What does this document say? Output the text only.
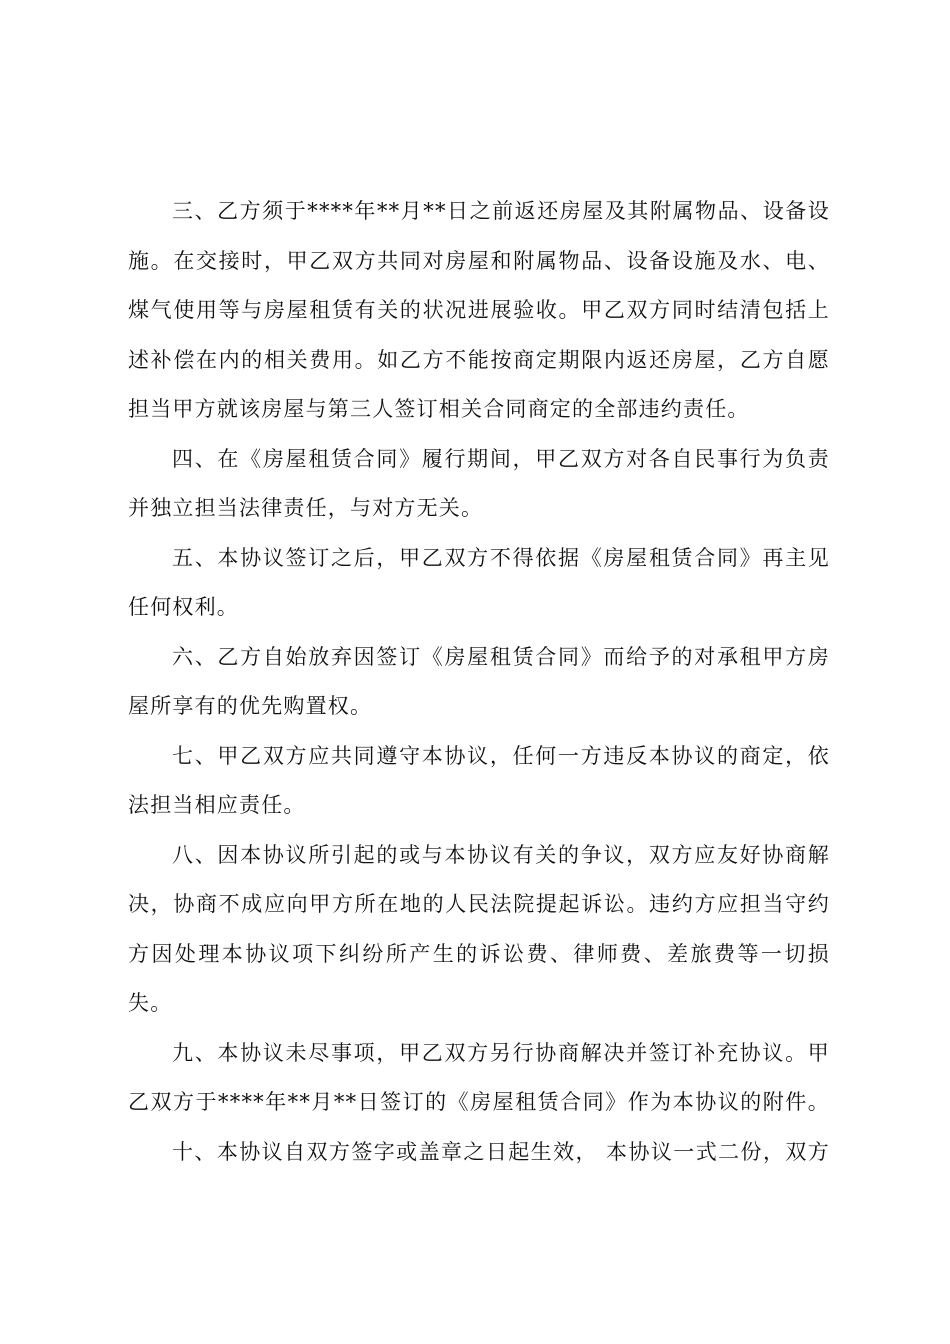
三、乙方须于****年**月**日之前返还房屋及其附属物品、设备设
施。在交接时，甲乙双方共同对房屋和附属物品、设备设施及水、电、
煤气使用等与房屋租赁有关的状况进展验收。甲乙双方同时结清包括上
述补偿在内的相关费用。如乙方不能按商定期限内返还房屋，乙方自愿
担当甲方就该房屋与第三人签订相关合同商定的全部违约责任。
四、在《房屋租赁合同》履行期间，甲乙双方对各自民事行为负责
并独立担当法律责任，与对方无关。
五、本协议签订之后，甲乙双方不得依据《房屋租赁合同》再主见
任何权利。
六、乙方自始放弃因签订《房屋租赁合同》而给予的对承租甲方房
屋所享有的优先购置权。
七、甲乙双方应共同遵守本协议，任何一方违反本协议的商定，依
法担当相应责任。
八、因本协议所引起的或与本协议有关的争议，双方应友好协商解
决，协商不成应向甲方所在地的人民法院提起诉讼。违约方应担当守约
方因处理本协议项下纠纷所产生的诉讼费、律师费、差旅费等一切损
失。
九、本协议未尽事项，甲乙双方另行协商解决并签订补充协议。甲
乙双方于****年**月**日签订的《房屋租赁合同》作为本协议的附件。
十、本协议自双方签字或盖章之日起生效， 本协议一式二份，双方
